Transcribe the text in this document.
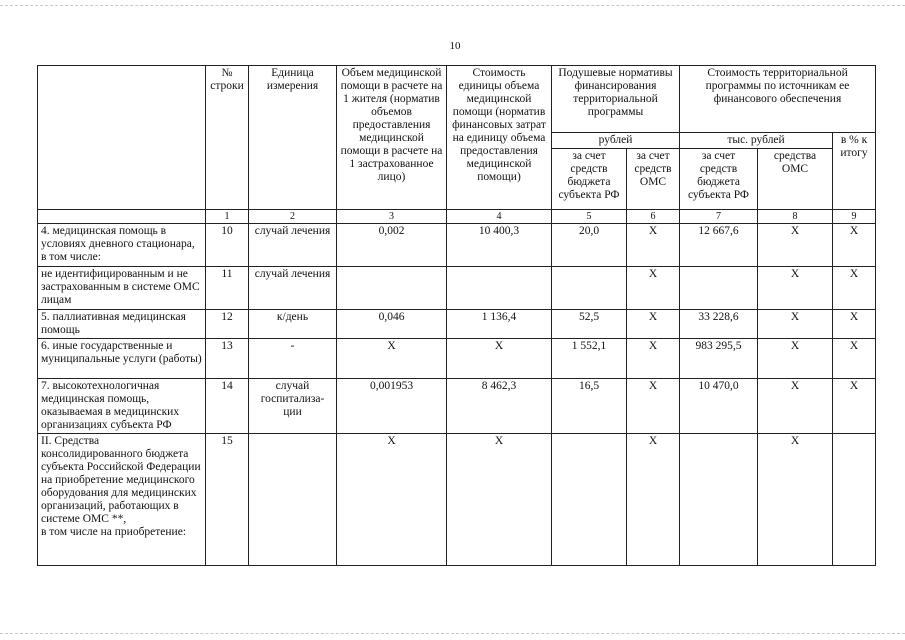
10
	№ строки	Единица измерения	Объем медицинской помощи в расчете на 1 жителя (норматив объемов предоставления медицинской помощи в расчете на 1 застрахованное лицо)	Стоимость единицы объема медицинской помощи (норматив финансовых затрат на единицу объема предоставления медицинской помощи)	Подушевые нормативы финансирования территориальной программы		Стоимость территориальной программы по источникам ее финансового обеспечения		
					рублей		тыс. рублей		в % к итогу
					за счет средств бюджета субъекта РФ	за счет средств ОМС	за счет средств бюджета субъекта РФ	средства ОМС	
	1	2	3	4	5	6	7	8	9
4. медицинская помощь в условиях дневного стационара, в том числе:	10	случай лечения	0,002	10 400,3	20,0	X	12 667,6	X	X
не идентифицированным и не застрахованным в системе ОМС лицам	11	случай лечения				X		X	X
5. паллиативная медицинская помощь	12	к/день	0,046	1 136,4	52,5	X	33 228,6	X	X
6. иные государственные и муниципальные услуги (работы)	13	-	X	X	1 552,1	X	983 295,5	X	X
7. высокотехнологичная медицинская помощь, оказываемая в медицинских организациях субъекта РФ	14	случай госпитализа-ции	0,001953	8 462,3	16,5	X	10 470,0	X	X
II. Средства консолидированного бюджета субъекта Российской Федерации на приобретение медицинского оборудования для медицинских организаций, работающих в системе ОМС **,
в том числе на приобретение:	15		X	X		X		X	
